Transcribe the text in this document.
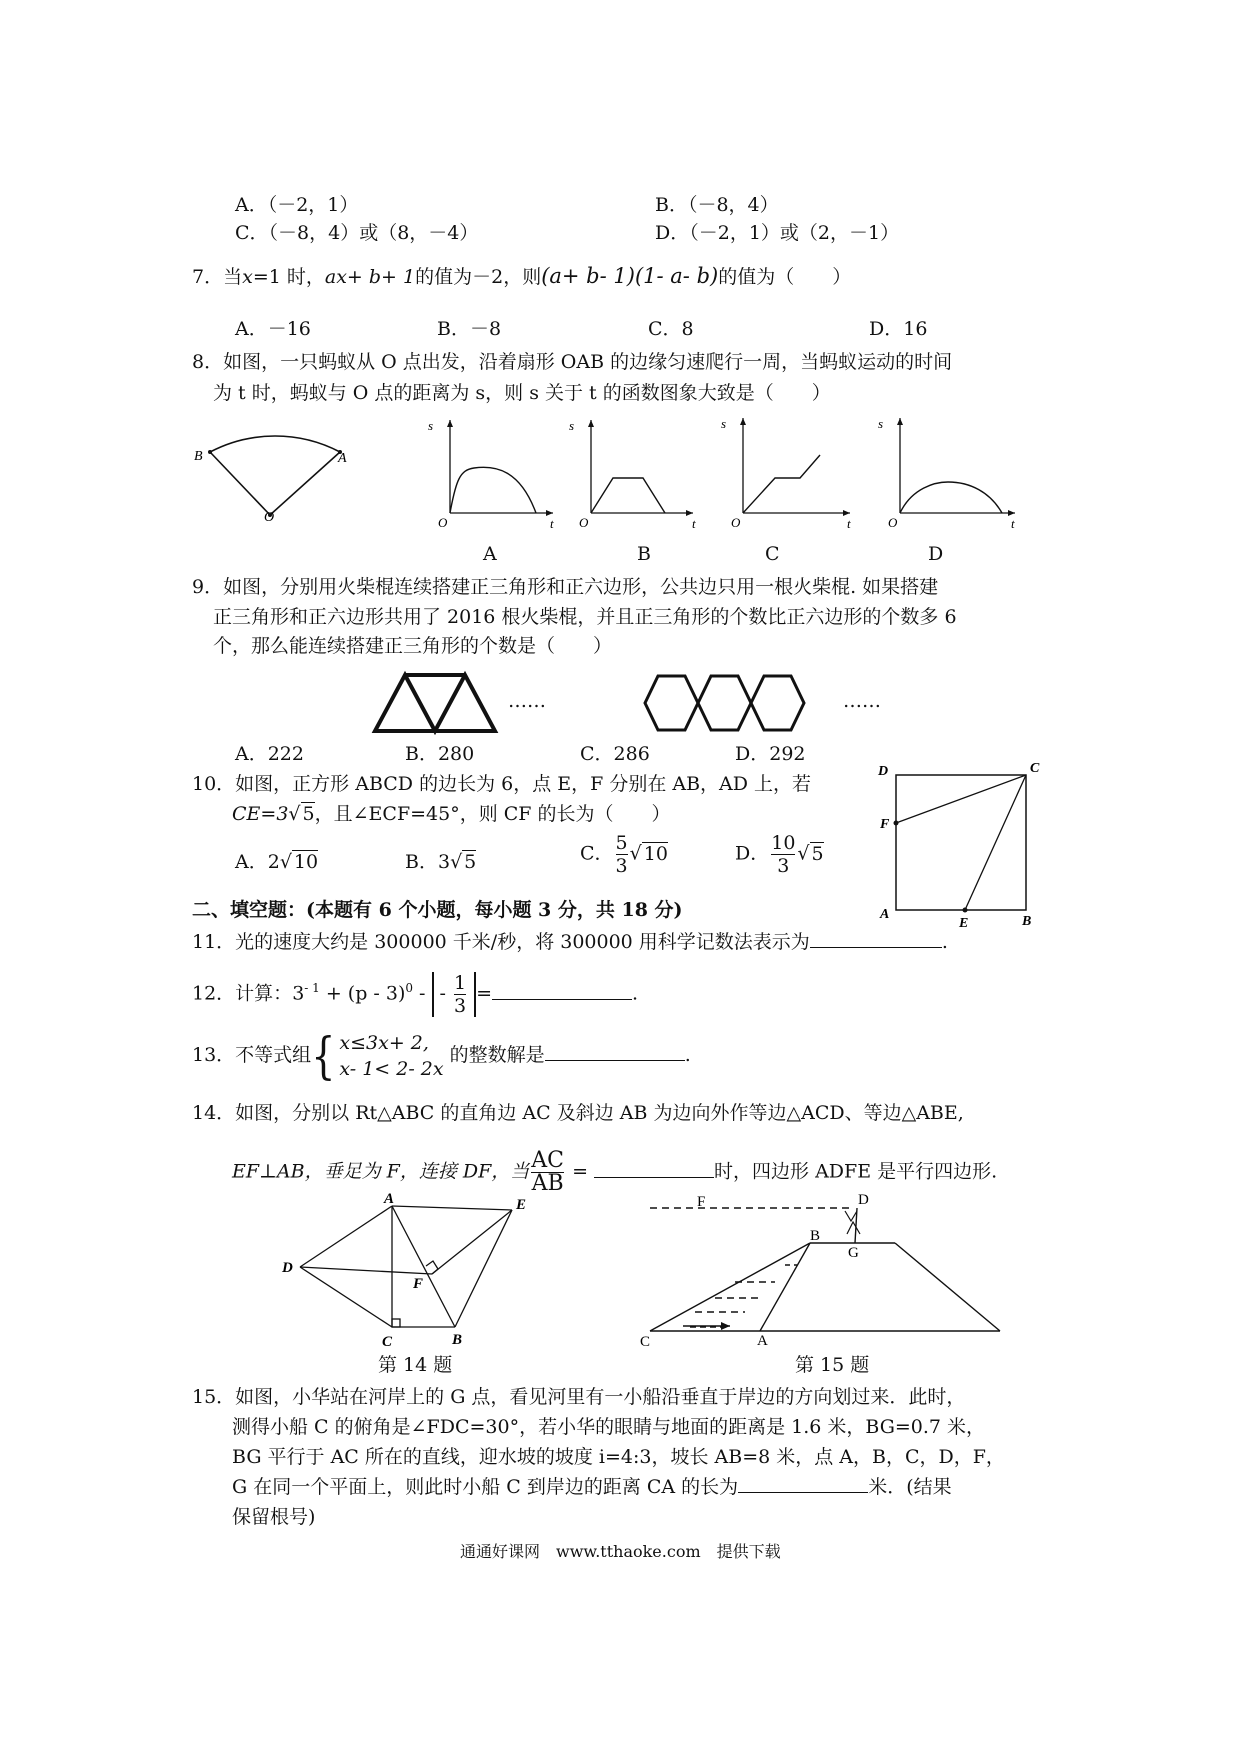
A．（－2，1）	B．（－8，4）
C．（－8，4）或（8，－4）	D．（－2，1）或（2，－1）
7．当x=1 时，ax+ b+ 1的值为－2，则(a+ b- 1)(1- a- b)的值为（　　）
A．－16	B．－8	C．8	D．16
8．如图，一只蚂蚁从 O 点出发，沿着扇形 OAB 的边缘匀速爬行一周，当蚂蚁运动的时间
为 t 时，蚂蚁与 O 点的距离为 s，则 s 关于 t 的函数图象大致是（　　）
B	A
O
s
O	t
s
O	t
s
O	t
s
O	t
A	B	C	D
9．如图，分别用火柴棍连续搭建正三角形和正六边形，公共边只用一根火柴棍. 如果搭建
正三角形和正六边形共用了 2016 根火柴棍，并且正三角形的个数比正六边形的个数多 6
个，那么能连续搭建正三角形的个数是（　　）
……	……
A．222	B．280	C．286	D．292
10．如图，正方形 ABCD 的边长为 6，点 E，F 分别在 AB，AD 上，若
CE=3√ 5，且∠ECF=45°，则 CF 的长为（　　）
A．2√ 10	B．3√ 5	C． $\frac{5}{3}$ √ 10	D． $\frac{10}{3}$ √ 5
D	C
F
A
E	B
二、填空题：(本题有 6 个小题，每小题 3 分，共 18 分)
11．光的速度大约是 300000 千米/秒，将 300000 用科学记数法表示为	.
12．计算：$3^{- 1} + (p - 3)^0$ - - $\frac{1}{3}$ =	.
13．不等式组{ x≤3x+ 2,
x- 1< 2- 2x 的整数解是	.
14．如图，分别以 Rt△ABC 的直角边 AC 及斜边 AB 为边向外作等边△ACD、等边△ABE,
EF⊥AB，垂足为 F，连接 DF，当 $\frac{AC}{AB}$ =	时，四边形 ADFE 是平行四边形.
A	E
D
F
C	B
第 14 题
F	D
B
G
C	A
第 15 题
15．如图，小华站在河岸上的 G 点，看见河里有一小船沿垂直于岸边的方向划过来．此时，
测得小船 C 的俯角是∠FDC=30°，若小华的眼睛与地面的距离是 1.6 米，BG=0.7 米，
BG 平行于 AC 所在的直线，迎水坡的坡度 i=4:3，坡长 AB=8 米，点 A，B，C，D，F，
G 在同一个平面上，则此时小船 C 到岸边的距离 CA 的长为	米．(结果
保留根号)
通通好课网　www.tthaoke.com　提供下载
